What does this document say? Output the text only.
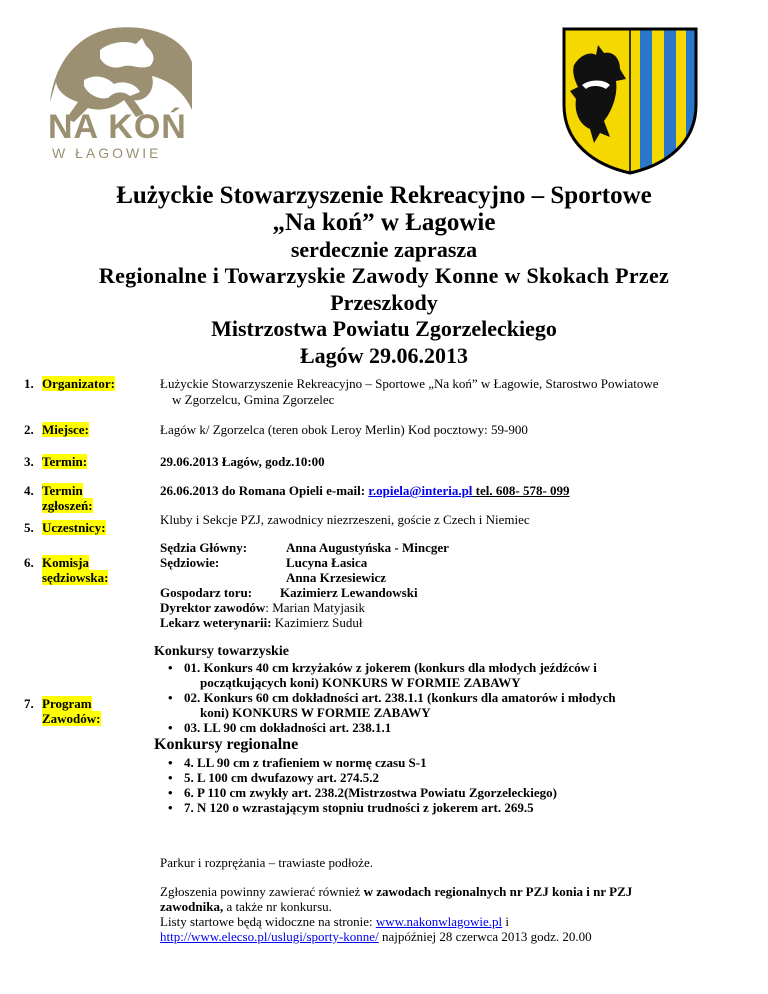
NA KOŃ
W ŁAGOWIE
Łużyckie Stowarzyszenie Rekreacyjno – Sportowe
„Na koń” w Łagowie
serdecznie zaprasza
Regionalne i Towarzyskie Zawody Konne w Skokach Przez
Przeszkody
Mistrzostwa Powiatu Zgorzeleckiego
Łagów 29.06.2013
1. Organizator:	Łużyckie Stowarzyszenie Rekreacyjno – Sportowe „Na koń” w Łagowie, Starostwo Powiatowe
w Zgorzelcu, Gmina Zgorzelec
2. Miejsce:	Łagów k/ Zgorzelca (teren obok Leroy Merlin) Kod pocztowy: 59-900
3. Termin:	29.06.2013 Łagów, godz.10:00
4. Termin
zgłoszeń:
26.06.2013 do Romana Opieli e-mail: r.opiela@interia.pl tel. 608- 578- 099
5. Uczestnicy:
Kluby i Sekcje PZJ, zawodnicy niezrzeszeni, goście z Czech i Niemiec
6. Komisja
sędziowska:
Sędzia Główny:	Anna Augustyńska - Mincger
Sędziowie:	Lucyna Łasica
Anna Krzesiewicz
Gospodarz toru: Kazimierz Lewandowski
Dyrektor zawodów: Marian Matyjasik
Lekarz weterynarii: Kazimierz Suduł
7. Program
Zawodów:
Konkursy towarzyskie
• 01. Konkurs 40 cm krzyżaków z jokerem (konkurs dla młodych jeźdźców i
początkujących koni) KONKURS W FORMIE ZABAWY
• 02. Konkurs 60 cm dokładności art. 238.1.1 (konkurs dla amatorów i młodych
koni) KONKURS W FORMIE ZABAWY
• 03. LL 90 cm dokładności art. 238.1.1
Konkursy regionalne
• 4. LL 90 cm z trafieniem w normę czasu S-1
• 5. L 100 cm dwufazowy art. 274.5.2
• 6. P 110 cm zwykły art. 238.2(Mistrzostwa Powiatu Zgorzeleckiego)
• 7. N 120 o wzrastającym stopniu trudności z jokerem art. 269.5
Parkur i rozprężania – trawiaste podłoże.
Zgłoszenia powinny zawierać również w zawodach regionalnych nr PZJ konia i nr PZJ
zawodnika, a także nr konkursu.
Listy startowe będą widoczne na stronie: www.nakonwlagowie.pl i
http://www.elecso.pl/uslugi/sporty-konne/ najpóźniej 28 czerwca 2013 godz. 20.00
